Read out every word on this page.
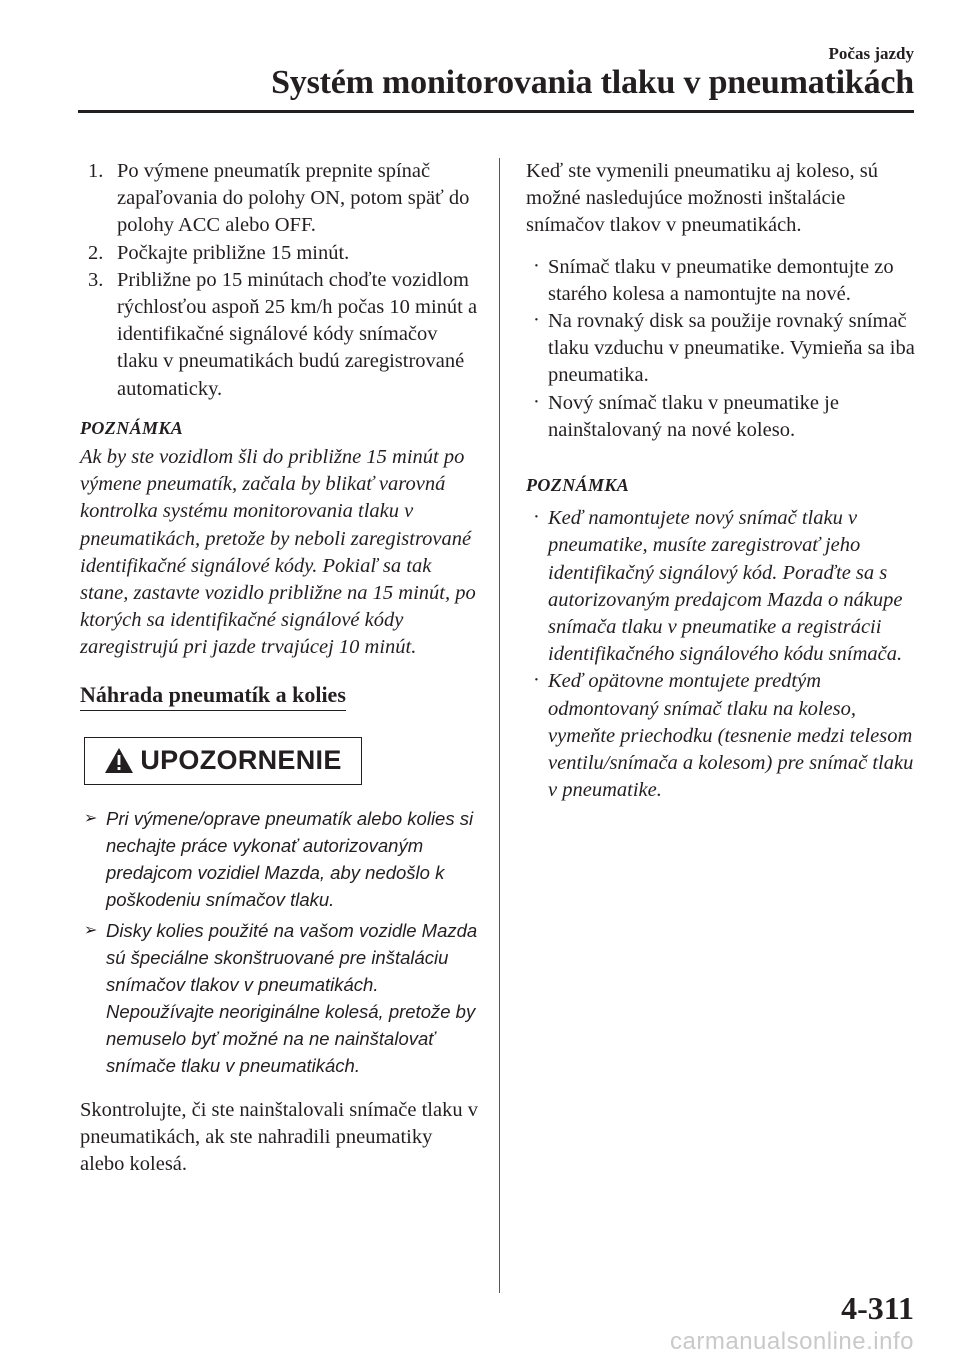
Počas jazdy
Systém monitorovania tlaku v pneumatikách
1. Po výmene pneumatík prepnite spínač zapaľovania do polohy ON, potom späť do polohy ACC alebo OFF.
2. Počkajte približne 15 minút.
3. Približne po 15 minútach choďte vozidlom rýchlosťou aspoň 25 km/h počas 10 minút a identifikačné signálové kódy snímačov tlaku v pneumatikách budú zaregistrované automaticky.

POZNÁMKA

Ak by ste vozidlom šli do približne 15 minút po výmene pneumatík, začala by blikať varovná kontrolka systému monitorovania tlaku v pneumatikách, pretože by neboli zaregistrované identifikačné signálové kódy. Pokiaľ sa tak stane, zastavte vozidlo približne na 15 minút, po ktorých sa identifikačné signálové kódy zaregistrujú pri jazde trvajúcej 10 minút.

Náhrada pneumatík a kolies
UPOZORNENIE
➢ Pri výmene/oprave pneumatík alebo kolies si nechajte práce vykonať autorizovaným predajcom vozidiel Mazda, aby nedošlo k poškodeniu snímačov tlaku.
➢ Disky kolies použité na vašom vozidle Mazda sú špeciálne skonštruované pre inštaláciu snímačov tlakov v pneumatikách. Nepoužívajte neoriginálne kolesá, pretože by nemuselo byť možné na ne nainštalovať snímače tlaku v pneumatikách.

Skontrolujte, či ste nainštalovali snímače tlaku v pneumatikách, ak ste nahradili pneumatiky alebo kolesá.

Keď ste vymenili pneumatiku aj koleso, sú možné nasledujúce možnosti inštalácie snímačov tlakov v pneumatikách.

· Snímač tlaku v pneumatike demontujte zo starého kolesa a namontujte na nové.
· Na rovnaký disk sa použije rovnaký snímač tlaku vzduchu v pneumatike. Vymieňa sa iba pneumatika.
· Nový snímač tlaku v pneumatike je nainštalovaný na nové koleso.

POZNÁMKA

· Keď namontujete nový snímač tlaku v pneumatike, musíte zaregistrovať jeho identifikačný signálový kód. Poraďte sa s autorizovaným predajcom Mazda o nákupe snímača tlaku v pneumatike a registrácii identifikačného signálového kódu snímača.
· Keď opätovne montujete predtým odmontovaný snímač tlaku na koleso, vymeňte priechodku (tesnenie medzi telesom ventilu/snímača a kolesom) pre snímač tlaku v pneumatike.
4-311
carmanualsonline.info
